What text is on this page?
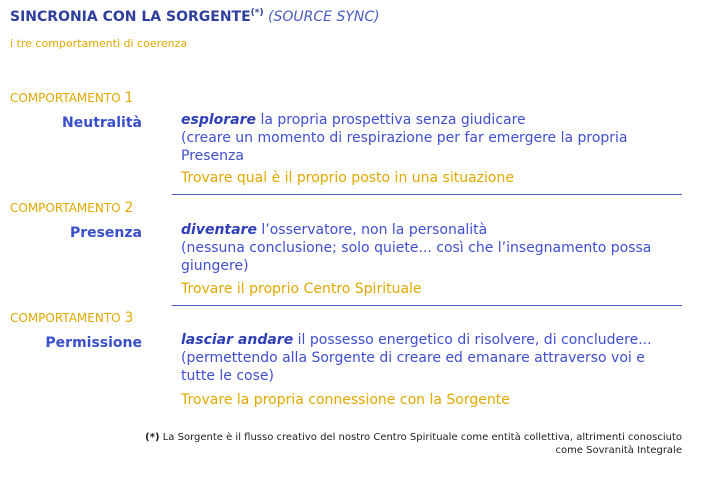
SINCRONIA CON LA SORGENTE(*) (SOURCE SYNC)
i tre comportamenti di coerenza
COMPORTAMENTO 1
Neutralità	esplorare la propria prospettiva senza giudicare
(creare un momento di respirazione per far emergere la propria Presenza
Trovare qual è il proprio posto in una situazione
COMPORTAMENTO 2
Presenza	diventare l’osservatore, non la personalità
(nessuna conclusione; solo quiete... così che l’insegnamento possa giungere)
Trovare il proprio Centro Spirituale
COMPORTAMENTO 3
Permissione	lasciar andare il possesso energetico di risolvere, di concludere...
(permettendo alla Sorgente di creare ed emanare attraverso voi e tutte le cose)
Trovare la propria connessione con la Sorgente
(*) La Sorgente è il flusso creativo del nostro Centro Spirituale come entità collettiva, altrimenti conosciuto come Sovranità Integrale
